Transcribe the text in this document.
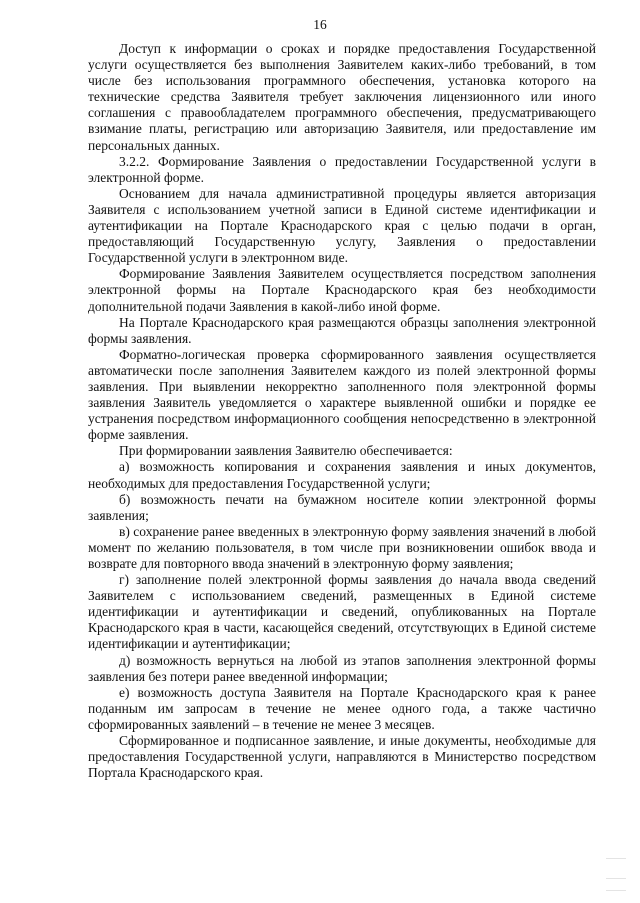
16

Доступ к информации о сроках и порядке предоставления Государственной услуги осуществляется без выполнения Заявителем каких-либо требований, в том числе без использования программного обеспечения, установка которого на технические средства Заявителя требует заключения лицензионного или иного соглашения с правообладателем программного обеспечения, предусматривающего взимание платы, регистрацию или авторизацию Заявителя, или предоставление им персональных данных.

3.2.2. Формирование Заявления о предоставлении Государственной услуги в электронной форме.

Основанием для начала административной процедуры является авторизация Заявителя с использованием учетной записи в Единой системе идентификации и аутентификации на Портале Краснодарского края с целью подачи в орган, предоставляющий Государственную услугу, Заявления о предоставлении Государственной услуги в электронном виде.

Формирование Заявления Заявителем осуществляется посредством заполнения электронной формы на Портале Краснодарского края без необходимости дополнительной подачи Заявления в какой-либо иной форме.

На Портале Краснодарского края размещаются образцы заполнения электронной формы заявления.

Форматно-логическая проверка сформированного заявления осуществляется автоматически после заполнения Заявителем каждого из полей электронной формы заявления. При выявлении некорректно заполненного поля электронной формы заявления Заявитель уведомляется о характере выявленной ошибки и порядке ее устранения посредством информационного сообщения непосредственно в электронной форме заявления.

При формировании заявления Заявителю обеспечивается:

а) возможность копирования и сохранения заявления и иных документов, необходимых для предоставления Государственной услуги;

б) возможность печати на бумажном носителе копии электронной формы заявления;

в) сохранение ранее введенных в электронную форму заявления значений в любой момент по желанию пользователя, в том числе при возникновении ошибок ввода и возврате для повторного ввода значений в электронную форму заявления;

г) заполнение полей электронной формы заявления до начала ввода сведений Заявителем с использованием сведений, размещенных в Единой системе идентификации и аутентификации и сведений, опубликованных на Портале Краснодарского края в части, касающейся сведений, отсутствующих в Единой системе идентификации и аутентификации;

д) возможность вернуться на любой из этапов заполнения электронной формы заявления без потери ранее введенной информации;

е) возможность доступа Заявителя на Портале Краснодарского края к ранее поданным им запросам в течение не менее одного года, а также частично сформированных заявлений – в течение не менее 3 месяцев.

Сформированное и подписанное заявление, и иные документы, необходимые для предоставления Государственной услуги, направляются в Министерство посредством Портала Краснодарского края.
